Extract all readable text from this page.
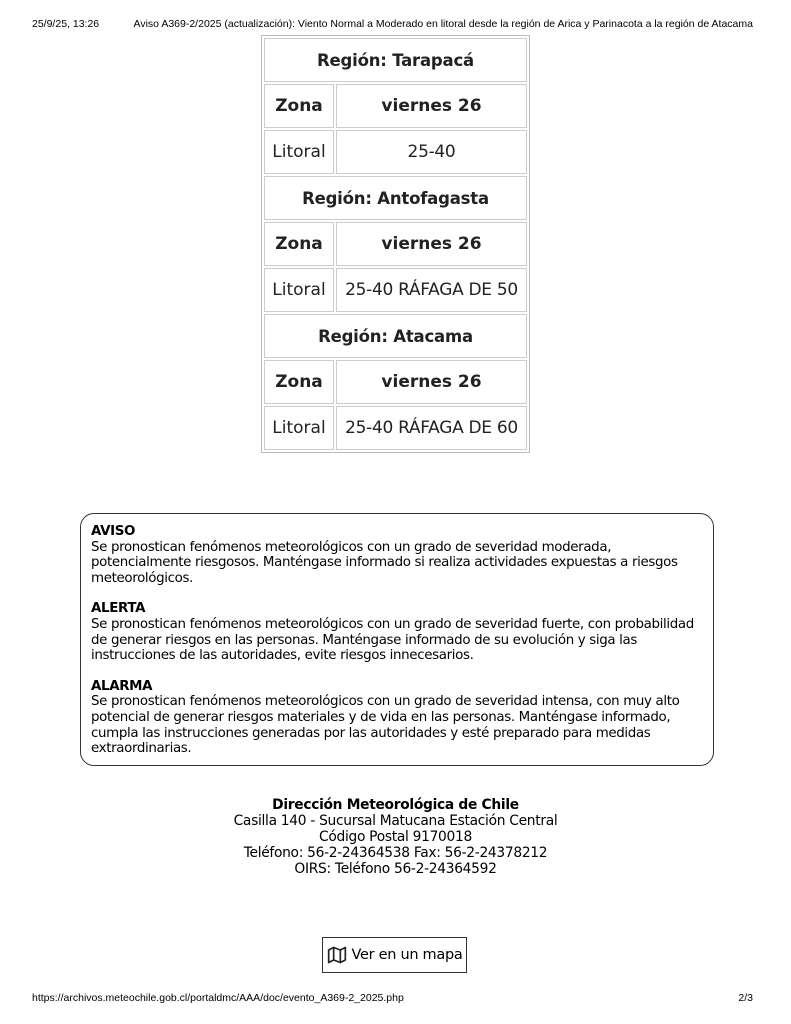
25/9/25, 13:26	Aviso A369-2/2025 (actualización): Viento Normal a Moderado en litoral desde la región de Arica y Parinacota a la región de Atacama
Región: Tarapacá	
Zona	viernes 26
Litoral	25-40
Región: Antofagasta	
Zona	viernes 26
Litoral	25-40 RÁFAGA DE 50
Región: Atacama	
Zona	viernes 26
Litoral	25-40 RÁFAGA DE 60
AVISO
Se pronostican fenómenos meteorológicos con un grado de severidad moderada, potencialmente riesgosos. Manténgase informado si realiza actividades expuestas a riesgos meteorológicos.
ALERTA
Se pronostican fenómenos meteorológicos con un grado de severidad fuerte, con probabilidad de generar riesgos en las personas. Manténgase informado de su evolución y siga las instrucciones de las autoridades, evite riesgos innecesarios.
ALARMA
Se pronostican fenómenos meteorológicos con un grado de severidad intensa, con muy alto potencial de generar riesgos materiales y de vida en las personas. Manténgase informado, cumpla las instrucciones generadas por las autoridades y esté preparado para medidas extraordinarias.
Dirección Meteorológica de Chile
Casilla 140 - Sucursal Matucana Estación Central
Código Postal 9170018
Teléfono: 56-2-24364538 Fax: 56-2-24378212
OIRS: Teléfono 56-2-24364592
Ver en un mapa
https://archivos.meteochile.gob.cl/portaldmc/AAA/doc/evento_A369-2_2025.php	2/3
